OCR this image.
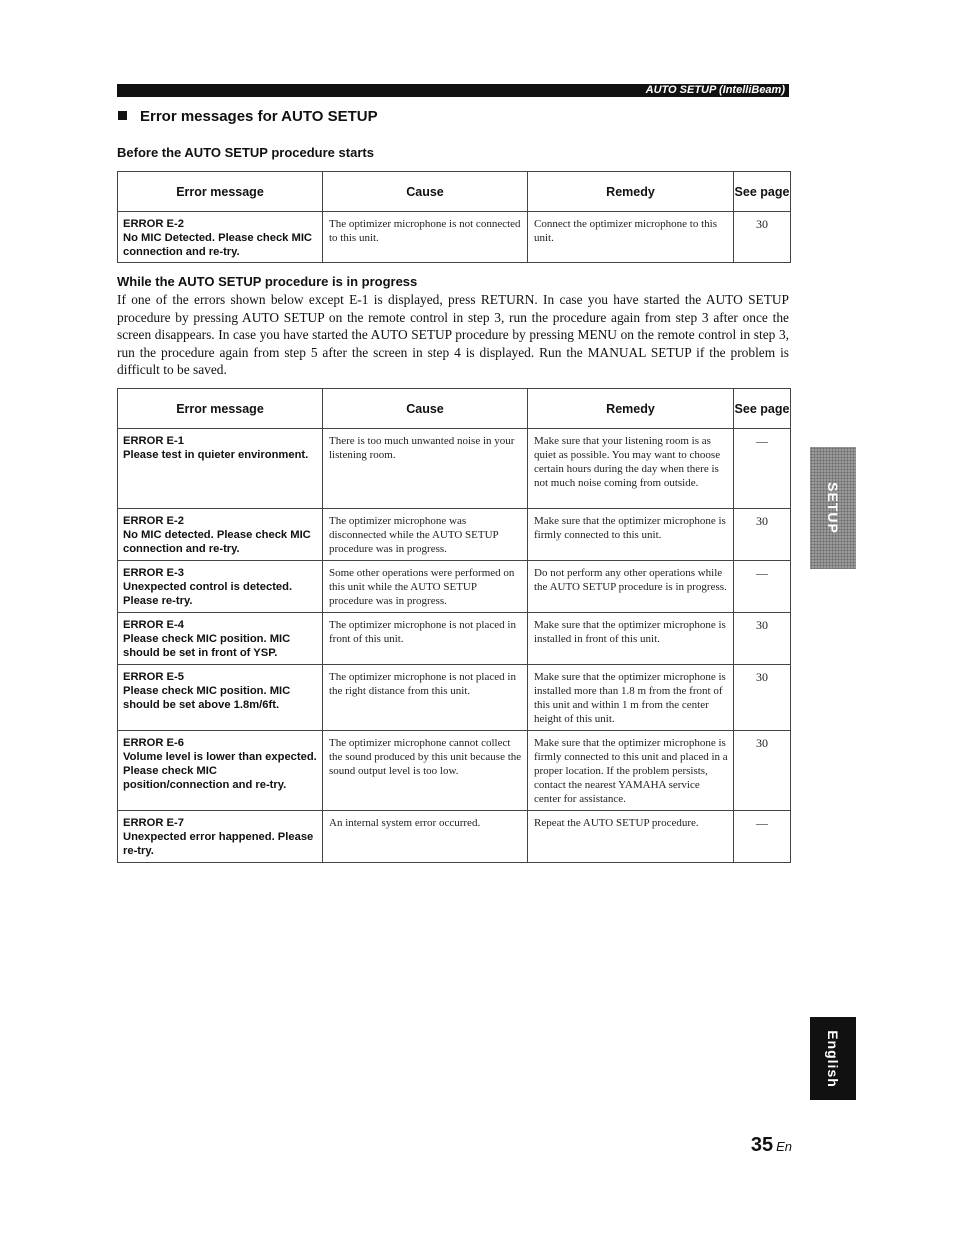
AUTO SETUP (IntelliBeam)
Error messages for AUTO SETUP
Before the AUTO SETUP procedure starts
Error message	Cause	Remedy	See page

ERROR E-2
No MIC Detected. Please check MIC connection and re-try.	The optimizer microphone is not connected to this unit.	Connect the optimizer microphone to this unit.	30
While the AUTO SETUP procedure is in progress
If one of the errors shown below except E-1 is displayed, press RETURN. In case you have started the AUTO SETUP procedure by pressing AUTO SETUP on the remote control in step 3, run the procedure again from step 3 after once the screen disappears. In case you have started the AUTO SETUP procedure by pressing MENU on the remote control in step 3, run the procedure again from step 5 after the screen in step 4 is displayed. Run the MANUAL SETUP if the problem is difficult to be saved.
Error message	Cause	Remedy	See page

ERROR E-1
Please test in quieter environment.	There is too much unwanted noise in your listening room.	Make sure that your listening room is as quiet as possible. You may want to choose certain hours during the day when there is not much noise coming from outside.	—

ERROR E-2
No MIC detected. Please check MIC connection and re-try.	The optimizer microphone was disconnected while the AUTO SETUP procedure was in progress.	Make sure that the optimizer microphone is firmly connected to this unit.	30

ERROR E-3
Unexpected control is detected. Please re-try.	Some other operations were performed on this unit while the AUTO SETUP procedure was in progress.	Do not perform any other operations while the AUTO SETUP procedure is in progress.	—

ERROR E-4
Please check MIC position. MIC should be set in front of YSP.	The optimizer microphone is not placed in front of this unit.	Make sure that the optimizer microphone is installed in front of this unit.	30

ERROR E-5
Please check MIC position. MIC should be set above 1.8m/6ft.	The optimizer microphone is not placed in the right distance from this unit.	Make sure that the optimizer microphone is installed more than 1.8 m from the front of this unit and within 1 m from the center height of this unit.	30

ERROR E-6
Volume level is lower than expected. Please check MIC position/connection and re-try.	The optimizer microphone cannot collect the sound produced by this unit because the sound output level is too low.	Make sure that the optimizer microphone is firmly connected to this unit and placed in a proper location. If the problem persists, contact the nearest YAMAHA service center for assistance.	30

ERROR E-7
Unexpected error happened. Please re-try.	An internal system error occurred.	Repeat the AUTO SETUP procedure.	—
SETUP
English
35 En
